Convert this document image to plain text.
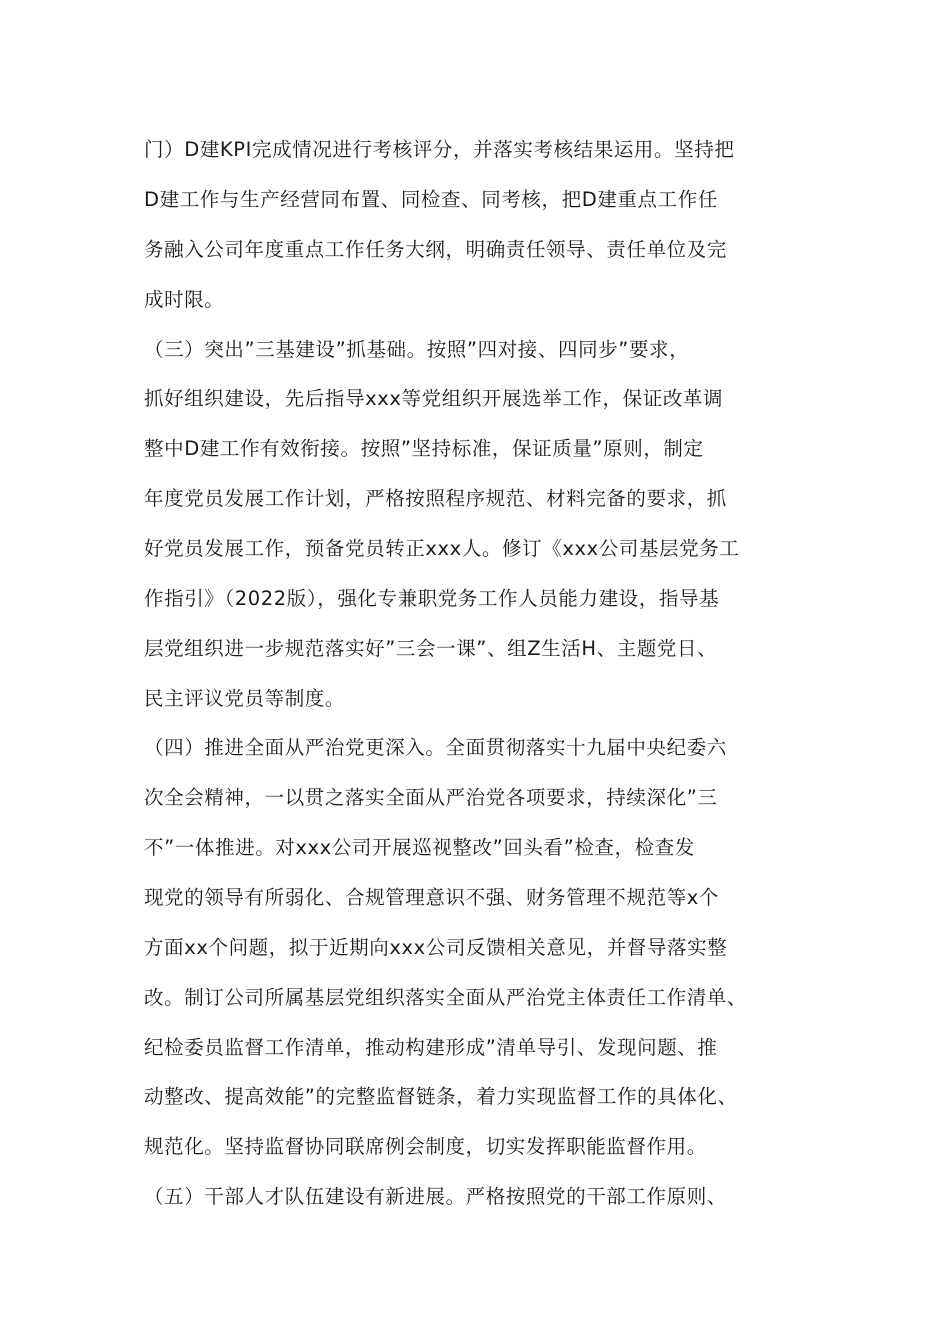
门）D建KPI完成情况进行考核评分，并落实考核结果运用。坚持把
D建工作与生产经营同布置、同检查、同考核，把D建重点工作任
务融入公司年度重点工作任务大纲，明确责任领导、责任单位及完
成时限。
（三）突出”三基建设”抓基础。按照”四对接、四同步”要求，
抓好组织建设，先后指导xxx等党组织开展选举工作，保证改革调
整中D建工作有效衔接。按照”坚持标准，保证质量”原则，制定
年度党员发展工作计划，严格按照程序规范、材料完备的要求，抓
好党员发展工作，预备党员转正xxx人。修订《xxx公司基层党务工
作指引》（2022版），强化专兼职党务工作人员能力建设，指导基
层党组织进一步规范落实好”三会一课”、组Z生活H、主题党日、
民主评议党员等制度。
（四）推进全面从严治党更深入。全面贯彻落实十九届中央纪委六
次全会精神，一以贯之落实全面从严治党各项要求，持续深化”三
不”一体推进。对xxx公司开展巡视整改”回头看”检查，检查发
现党的领导有所弱化、合规管理意识不强、财务管理不规范等x个
方面xx个问题，拟于近期向xxx公司反馈相关意见，并督导落实整
改。制订公司所属基层党组织落实全面从严治党主体责任工作清单、
纪检委员监督工作清单，推动构建形成”清单导引、发现问题、推
动整改、提高效能”的完整监督链条，着力实现监督工作的具体化、
规范化。坚持监督协同联席例会制度，切实发挥职能监督作用。
（五）干部人才队伍建设有新进展。严格按照党的干部工作原则、
